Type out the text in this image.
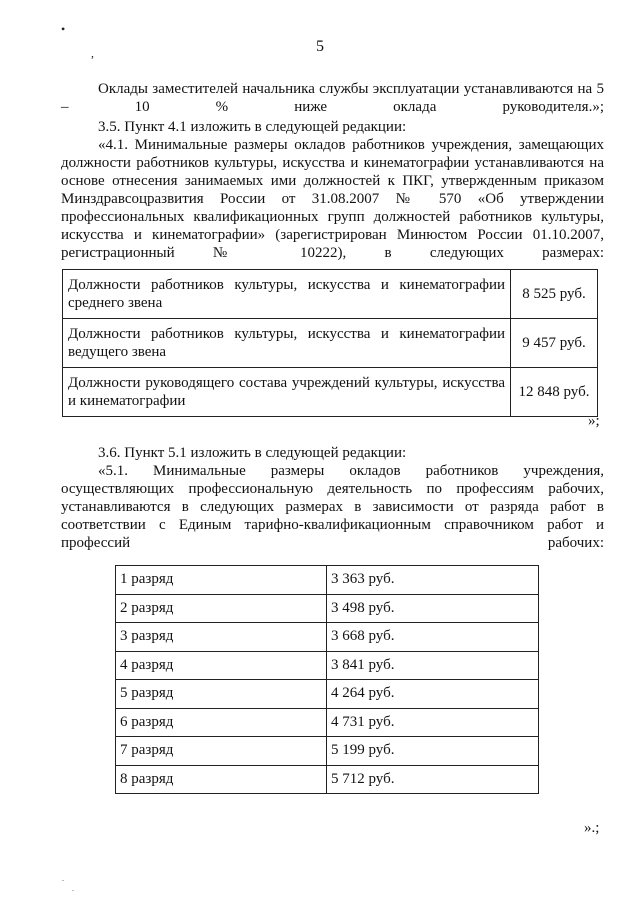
•
,	5
Оклады заместителей начальника службы эксплуатации устанавливаются на 5 – 10 % ниже оклада руководителя.»;
3.5. Пункт 4.1 изложить в следующей редакции:
«4.1. Минимальные размеры окладов работников учреждения, замещающих должности работников культуры, искусства и кинематографии устанавливаются на основе отнесения занимаемых ими должностей к ПКГ, утвержденным приказом Минздравсоцразвития России от 31.08.2007 № 570 «Об утверждении профессиональных квалификационных групп должностей работников культуры, искусства и кинематографии» (зарегистрирован Минюстом России 01.10.2007, регистрационный № 10222), в следующих размерах:
Должности работников культуры, искусства и кинематографии среднего звена	8 525 руб.
Должности работников культуры, искусства и кинематографии ведущего звена	9 457 руб.
Должности руководящего состава учреждений культуры, искусства и кинематографии	12 848 руб.
»;
3.6. Пункт 5.1 изложить в следующей редакции:
«5.1. Минимальные размеры окладов работников учреждения, осуществляющих профессиональную деятельность по профессиям рабочих, устанавливаются в следующих размерах в зависимости от разряда работ в соответствии с Единым тарифно-квалификационным справочником работ и профессий рабочих:
1 разряд	3 363 руб.
2 разряд	3 498 руб.
3 разряд	3 668 руб.
4 разряд	3 841 руб.
5 разряд	4 264 руб.
6 разряд	4 731 руб.
7 разряд	5 199 руб.
8 разряд	5 712 руб.
».;
